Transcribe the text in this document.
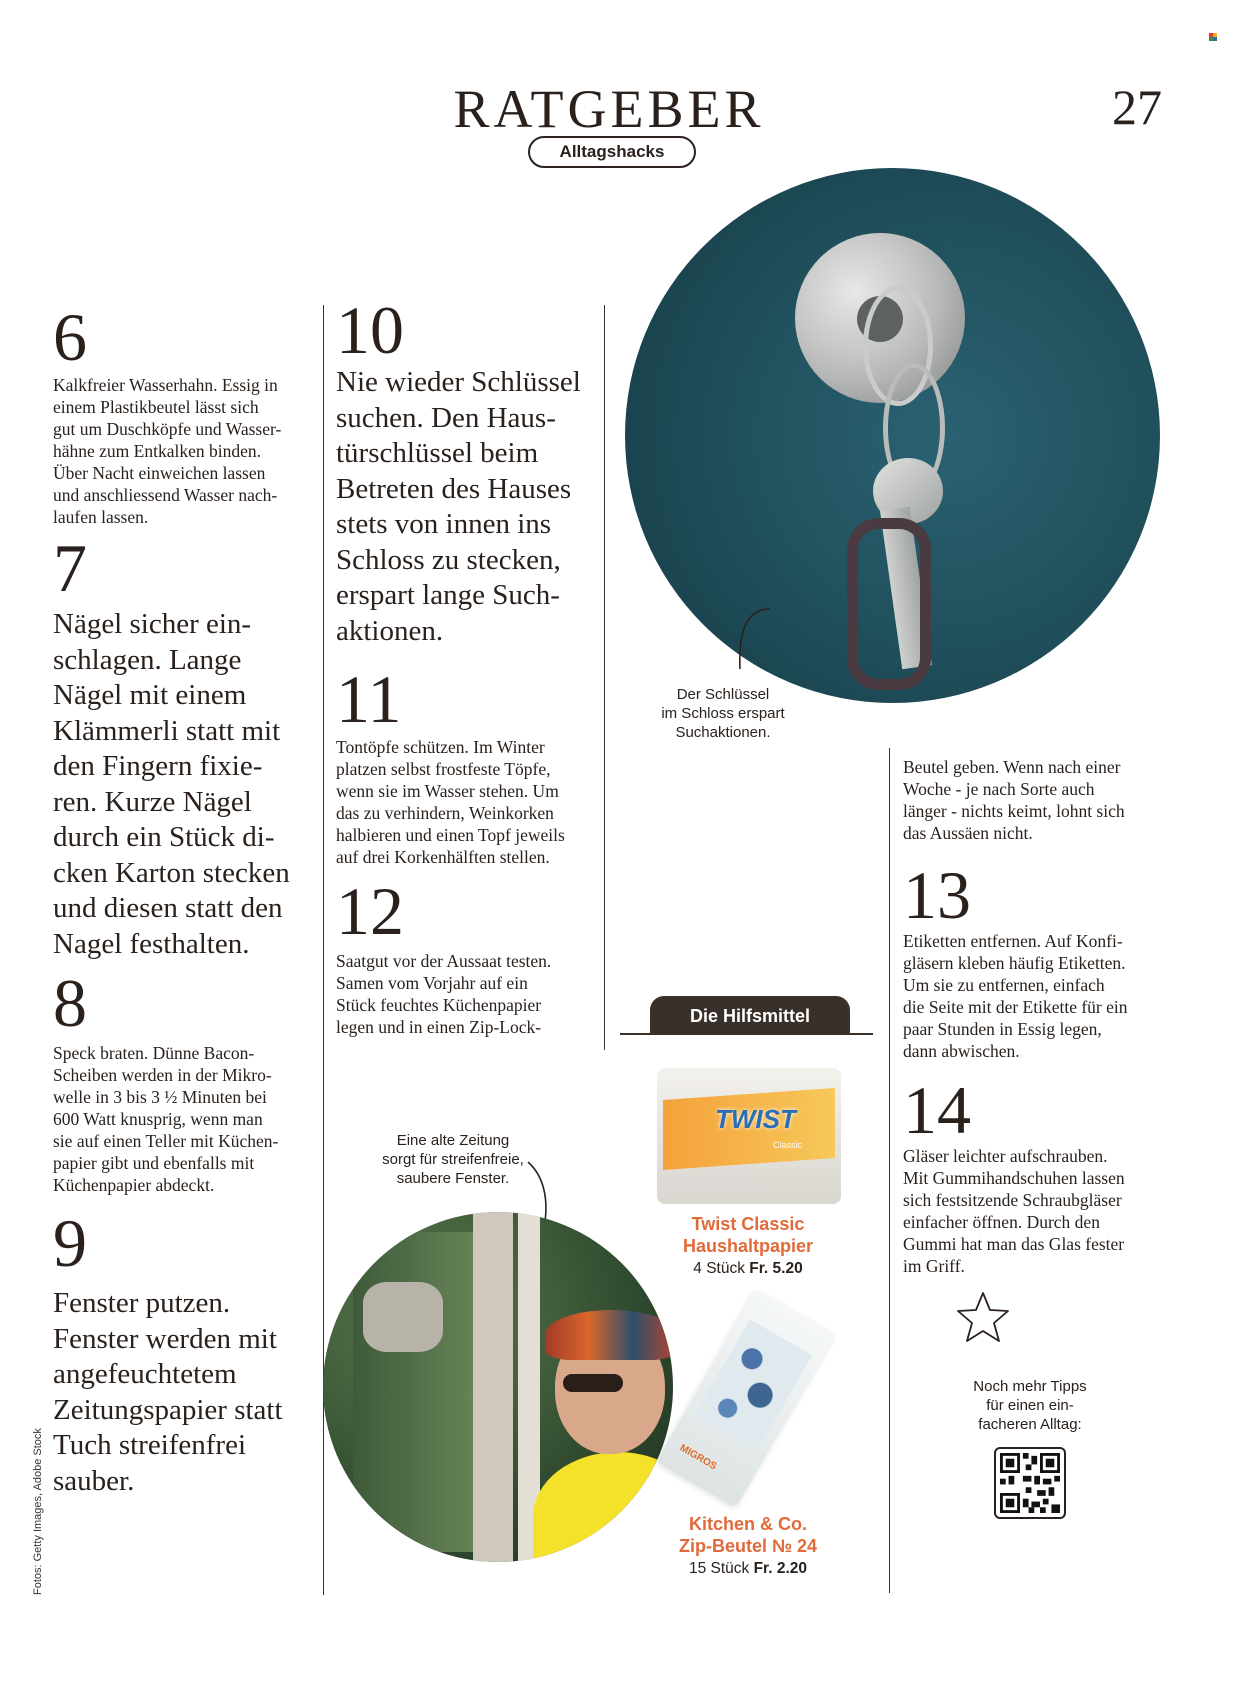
RATGEBER	27
Alltagshacks
6
Kalkfreier Wasserhahn. Essig in
einem Plastikbeutel lässt sich
gut um Duschköpfe und Wasser-
hähne zum Entkalken binden.
Über Nacht einweichen lassen
und anschliessend Wasser nach-
laufen lassen.
7
Nägel sicher ein-
schlagen. Lange
Nägel mit einem
Klämmerli statt mit
den Fingern fixie-
ren. Kurze Nägel
durch ein Stück di-
cken Karton stecken
und diesen statt den
Nagel festhalten.
8
Speck braten. Dünne Bacon-
Scheiben werden in der Mikro-
welle in 3 bis 3 ½ Minuten bei
600 Watt knusprig, wenn man
sie auf einen Teller mit Küchen-
papier gibt und ebenfalls mit
Küchenpapier abdeckt.
9
Fenster putzen.
Fenster werden mit
angefeuchtetem
Zeitungspapier statt
Tuch streifenfrei
sauber.
Fotos: Getty Images, Adobe Stock
10
Nie wieder Schlüssel
suchen. Den Haus-
türschlüssel beim
Betreten des Hauses
stets von innen ins
Schloss zu stecken,
erspart lange Such-
aktionen.
11
Tontöpfe schützen. Im Winter
platzen selbst frostfeste Töpfe,
wenn sie im Wasser stehen. Um
das zu verhindern, Weinkorken
halbieren und einen Topf jeweils
auf drei Korkenhälften stellen.
12
Saatgut vor der Aussaat testen.
Samen vom Vorjahr auf ein
Stück feuchtes Küchenpapier
legen und in einen Zip-Lock-
Eine alte Zeitung
sorgt für streifenfreie,
saubere Fenster.
Der Schlüssel
im Schloss erspart
Suchaktionen.
Die Hilfsmittel
TWIST
Classic
Twist Classic
Haushaltpapier
4 Stück Fr. 5.20
MIGROS
Kitchen & Co.
Zip-Beutel № 24
15 Stück Fr. 2.20
Beutel geben. Wenn nach einer
Woche - je nach Sorte auch
länger - nichts keimt, lohnt sich
das Aussäen nicht.
13
Etiketten entfernen. Auf Konfi-
gläsern kleben häufig Etiketten.
Um sie zu entfernen, einfach
die Seite mit der Etikette für ein
paar Stunden in Essig legen,
dann abwischen.
14
Gläser leichter aufschrauben.
Mit Gummihandschuhen lassen
sich festsitzende Schraubgläser
einfacher öffnen. Durch den
Gummi hat man das Glas fester
im Griff.
Noch mehr Tipps
für einen ein-
facheren Alltag:
